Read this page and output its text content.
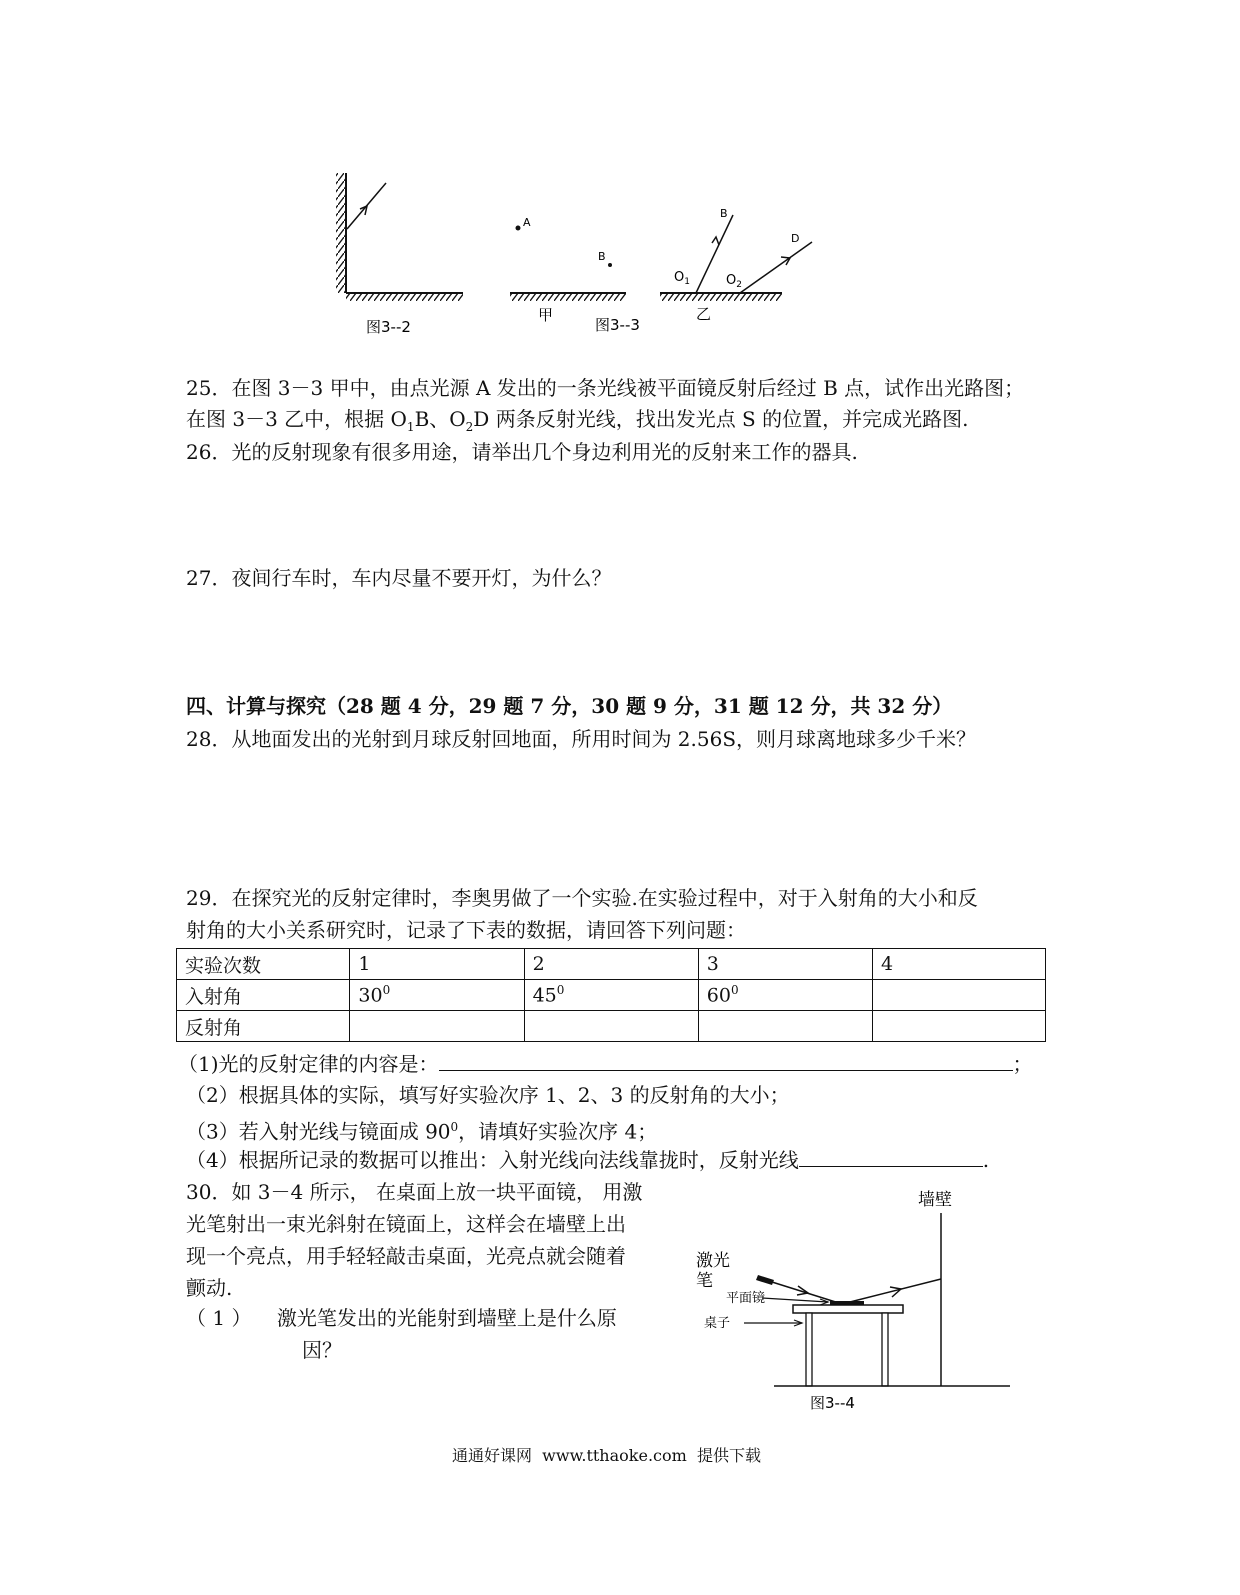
A
B
B
D
$O_1$	$O_2$
图3--2
甲
图3--3
乙
25．在图 3－3 甲中，由点光源 A 发出的一条光线被平面镜反射后经过 B 点，试作出光路图；
在图 3－3 乙中，根据 $O_1B$、$O_2D$ 两条反射光线，找出发光点 S 的位置，并完成光路图.
26．光的反射现象有很多用途，请举出几个身边利用光的反射来工作的器具.
27．夜间行车时，车内尽量不要开灯，为什么？
四、计算与探究（28 题 4 分，29 题 7 分，30 题 9 分，31 题 12 分，共 32 分）
28．从地面发出的光射到月球反射回地面，所用时间为 2.56S，则月球离地球多少千米？
29．在探究光的反射定律时，李奥男做了一个实验.在实验过程中，对于入射角的大小和反
射角的大小关系研究时，记录了下表的数据，请回答下列问题：
实验次数	1	2	3	4
入射角	$30^0$	$45^0$	$60^0$	
反射角				
（1)光的反射定律的内容是：	；
（2）根据具体的实际，填写好实验次序 1、2、3 的反射角的大小；
（3）若入射光线与镜面成 $90^0$，请填好实验次序 4；
（4）根据所记录的数据可以推出：入射光线向法线靠拢时，反射光线	.
30．如 3－4 所示， 在桌面上放一块平面镜， 用激
光笔射出一束光斜射在镜面上，这样会在墙壁上出
现一个亮点，用手轻轻敲击桌面，光亮点就会随着
颤动.
（ 1 ）    激光笔发出的光能射到墙壁上是什么原
因？
墙壁
激光
笔
平面镜
桌子
图3--4
通通好课网  www.tthaoke.com  提供下载
